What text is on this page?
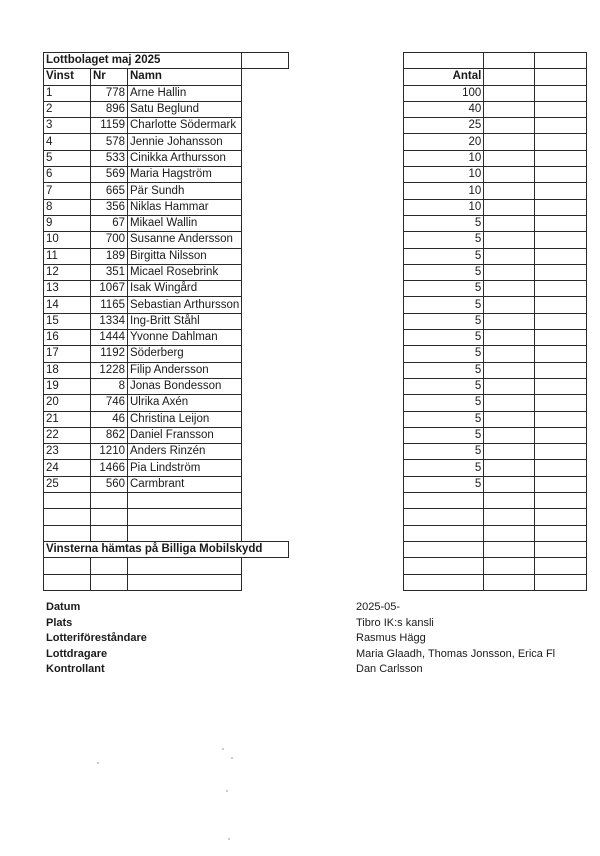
Lottbolaget maj 2025							
Vinst	Nr	Namn			Antal		
1	778	Arne Hallin			100		
2	896	Satu Beglund			40		
3	1159	Charlotte Södermark			25		
4	578	Jennie Johansson			20		
5	533	Cinikka Arthursson			10		
6	569	Maria Hagström			10		
7	665	Pär Sundh			10		
8	356	Niklas Hammar			10		
9	67	Mikael Wallin			5		
10	700	Susanne Andersson			5		
11	189	Birgitta Nilsson			5		
12	351	Micael Rosebrink			5		
13	1067	Isak Wingård			5		
14	1165	Sebastian Arthursson			5		
15	1334	Ing-Britt Ståhl			5		
16	1444	Yvonne Dahlman			5		
17	1192	Söderberg			5		
18	1228	Filip Andersson			5		
19	8	Jonas Bondesson			5		
20	746	Ulrika Axén			5		
21	46	Christina Leijon			5		
22	862	Daniel Fransson			5		
23	1210	Anders Rinzén			5		
24	1466	Pia Lindström			5		
25	560	Carmbrant			5		

Vinsterna hämtas på Billiga Mobilskydd							

Datum	2025-05-
Plats	Tibro IK:s kansli
Lotteriföreståndare	Rasmus Hägg
Lottdragare	Maria Glaadh, Thomas Jonsson, Erica Fl
Kontrollant	Dan Carlsson
